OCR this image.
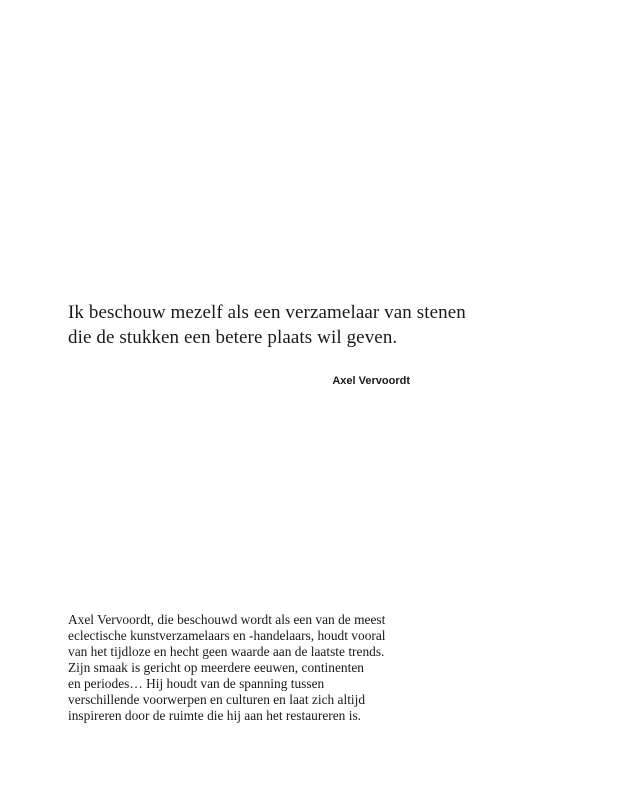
Ik beschouw mezelf als een verzamelaar van stenen
die de stukken een betere plaats wil geven.

Axel Vervoordt

Axel Vervoordt, die beschouwd wordt als een van de meest
eclectische kunstverzamelaars en -handelaars, houdt vooral
van het tijdloze en hecht geen waarde aan de laatste trends.
Zijn smaak is gericht op meerdere eeuwen, continenten
en periodes… Hij houdt van de spanning tussen
verschillende voorwerpen en culturen en laat zich altijd
inspireren door de ruimte die hij aan het restaureren is.
